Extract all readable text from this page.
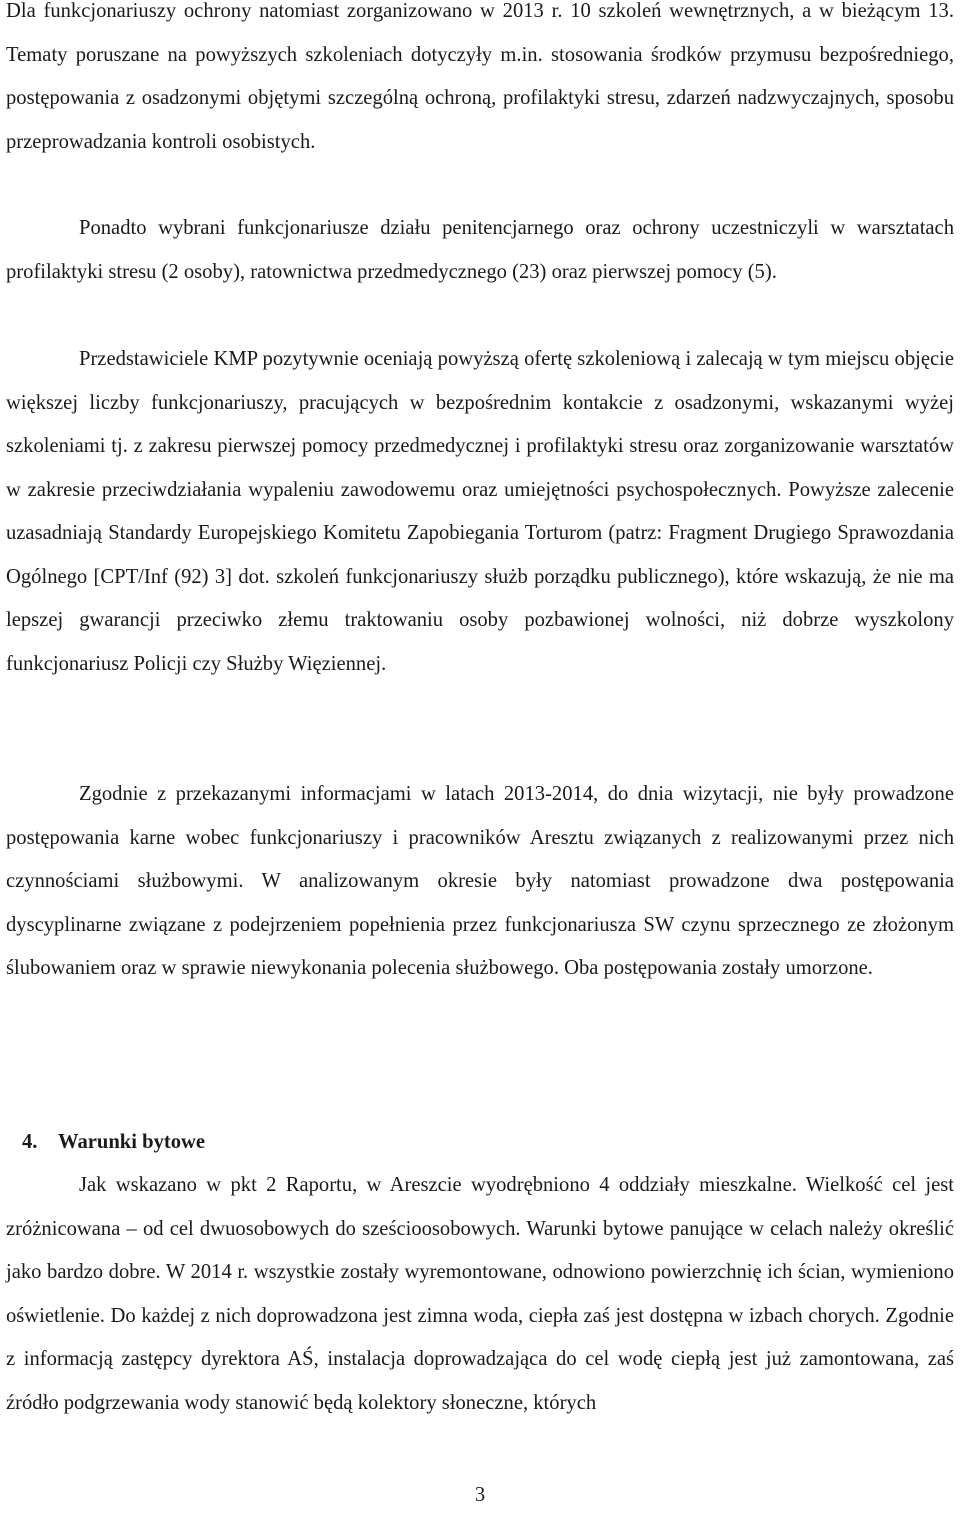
Dla funkcjonariuszy ochrony natomiast zorganizowano w 2013 r. 10 szkoleń wewnętrznych, a w bieżącym 13. Tematy poruszane na powyższych szkoleniach dotyczyły m.in. stosowania środków przymusu bezpośredniego, postępowania z osadzonymi objętymi szczególną ochroną, profilaktyki stresu, zdarzeń nadzwyczajnych, sposobu przeprowadzania kontroli osobistych.

Ponadto wybrani funkcjonariusze działu penitencjarnego oraz ochrony uczestniczyli w warsztatach profilaktyki stresu (2 osoby), ratownictwa przedmedycznego (23) oraz pierwszej pomocy (5).

Przedstawiciele KMP pozytywnie oceniają powyższą ofertę szkoleniową i zalecają w tym miejscu objęcie większej liczby funkcjonariuszy, pracujących w bezpośrednim kontakcie z osadzonymi, wskazanymi wyżej szkoleniami tj. z zakresu pierwszej pomocy przedmedycznej i profilaktyki stresu oraz zorganizowanie warsztatów w zakresie przeciwdziałania wypaleniu zawodowemu oraz umiejętności psychospołecznych. Powyższe zalecenie uzasadniają Standardy Europejskiego Komitetu Zapobiegania Torturom (patrz: Fragment Drugiego Sprawozdania Ogólnego [CPT/Inf (92) 3] dot. szkoleń funkcjonariuszy służb porządku publicznego), które wskazują, że nie ma lepszej gwarancji przeciwko złemu traktowaniu osoby pozbawionej wolności, niż dobrze wyszkolony funkcjonariusz Policji czy Służby Więziennej.

Zgodnie z przekazanymi informacjami w latach 2013-2014, do dnia wizytacji, nie były prowadzone postępowania karne wobec funkcjonariuszy i pracowników Aresztu związanych z realizowanymi przez nich czynnościami służbowymi. W analizowanym okresie były natomiast prowadzone dwa postępowania dyscyplinarne związane z podejrzeniem popełnienia przez funkcjonariusza SW czynu sprzecznego ze złożonym ślubowaniem oraz w sprawie niewykonania polecenia służbowego. Oba postępowania zostały umorzone.

4. Warunki bytowe

Jak wskazano w pkt 2 Raportu, w Areszcie wyodrębniono 4 oddziały mieszkalne. Wielkość cel jest zróżnicowana – od cel dwuosobowych do sześcioosobowych. Warunki bytowe panujące w celach należy określić jako bardzo dobre. W 2014 r. wszystkie zostały wyremontowane, odnowiono powierzchnię ich ścian, wymieniono oświetlenie. Do każdej z nich doprowadzona jest zimna woda, ciepła zaś jest dostępna w izbach chorych. Zgodnie z informacją zastępcy dyrektora AŚ, instalacja doprowadzająca do cel wodę ciepłą jest już zamontowana, zaś źródło podgrzewania wody stanowić będą kolektory słoneczne, których

3
